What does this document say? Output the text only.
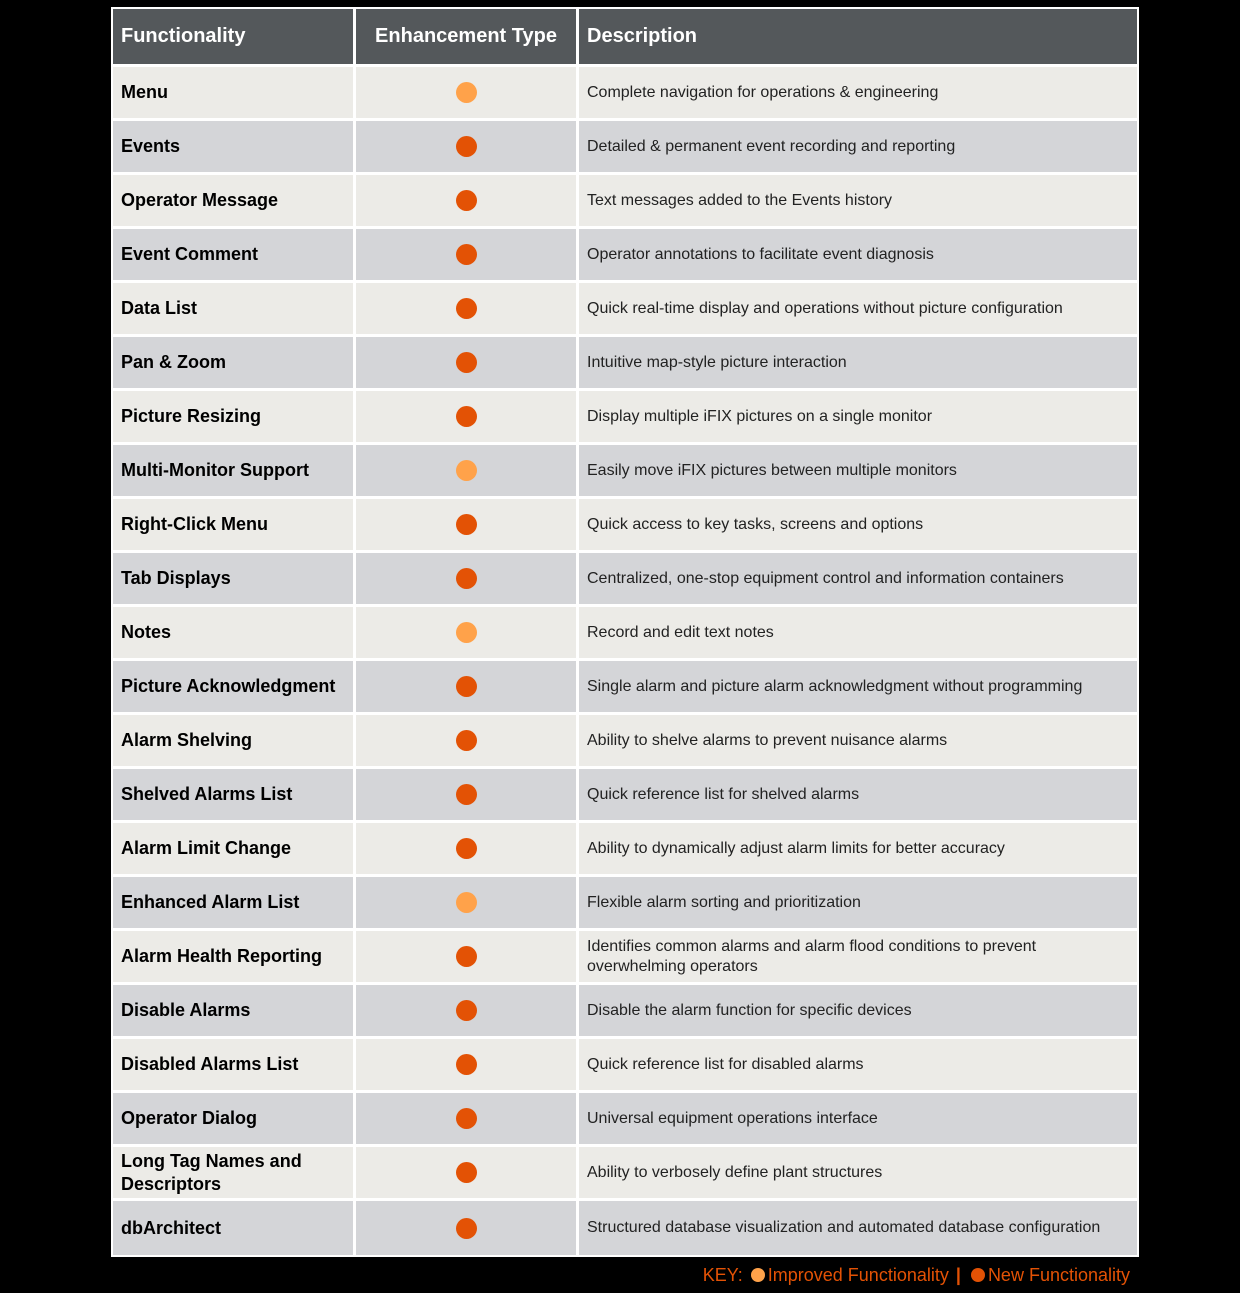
Functionality	Enhancement Type	Description
Menu		Complete navigation for operations & engineering
Events		Detailed & permanent event recording and reporting
Operator Message		Text messages added to the Events history
Event Comment		Operator annotations to facilitate event diagnosis
Data List		Quick real-time display and operations without picture configuration
Pan & Zoom		Intuitive map-style picture interaction
Picture Resizing		Display multiple iFIX pictures on a single monitor
Multi-Monitor Support		Easily move iFIX pictures between multiple monitors
Right-Click Menu		Quick access to key tasks, screens and options
Tab Displays		Centralized, one-stop equipment control and information containers
Notes		Record and edit text notes
Picture Acknowledgment		Single alarm and picture alarm acknowledgment without programming
Alarm Shelving		Ability to shelve alarms to prevent nuisance alarms
Shelved Alarms List		Quick reference list for shelved alarms
Alarm Limit Change		Ability to dynamically adjust alarm limits for better accuracy
Enhanced Alarm List		Flexible alarm sorting and prioritization
Alarm Health Reporting		Identifies common alarms and alarm flood conditions to prevent overwhelming operators
Disable Alarms		Disable the alarm function for specific devices
Disabled Alarms List		Quick reference list for disabled alarms
Operator Dialog		Universal equipment operations interface
Long Tag Names and Descriptors		Ability to verbosely define plant structures
dbArchitect		Structured database visualization and automated database configuration
KEY: Improved Functionality | New Functionality
